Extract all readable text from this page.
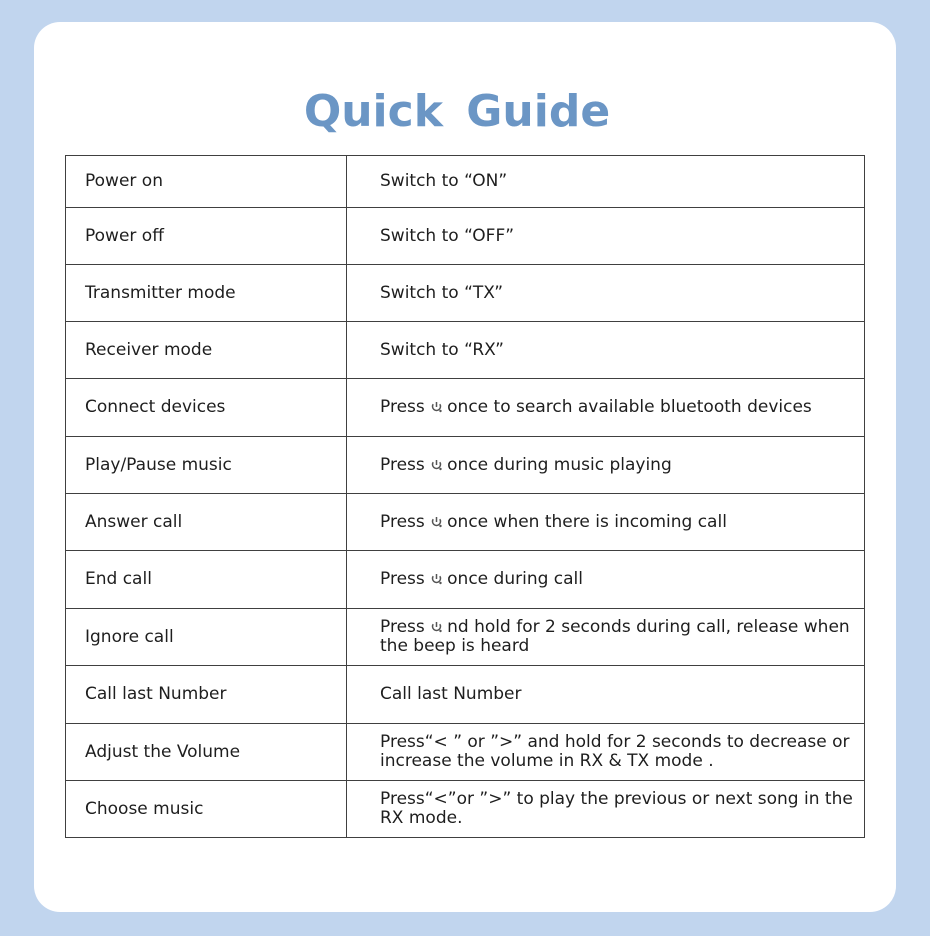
Quick Guide
Power on	Switch to “ON”
Power off	Switch to “OFF”
Transmitter mode	Switch to “TX”
Receiver mode	Switch to “RX”
Connect devices	Press once to search available bluetooth devices
Play/Pause music	Press once during music playing
Answer call	Press once when there is incoming call
End call	Press once during call
Ignore call	Press nd hold for 2 seconds during call, release when the beep is heard
Call last Number	Call last Number
Adjust the Volume	Press“< ” or ”>” and hold for 2 seconds to decrease or increase the volume in RX & TX mode .
Choose music	Press“<”or ”>” to play the previous or next song in the RX mode.
